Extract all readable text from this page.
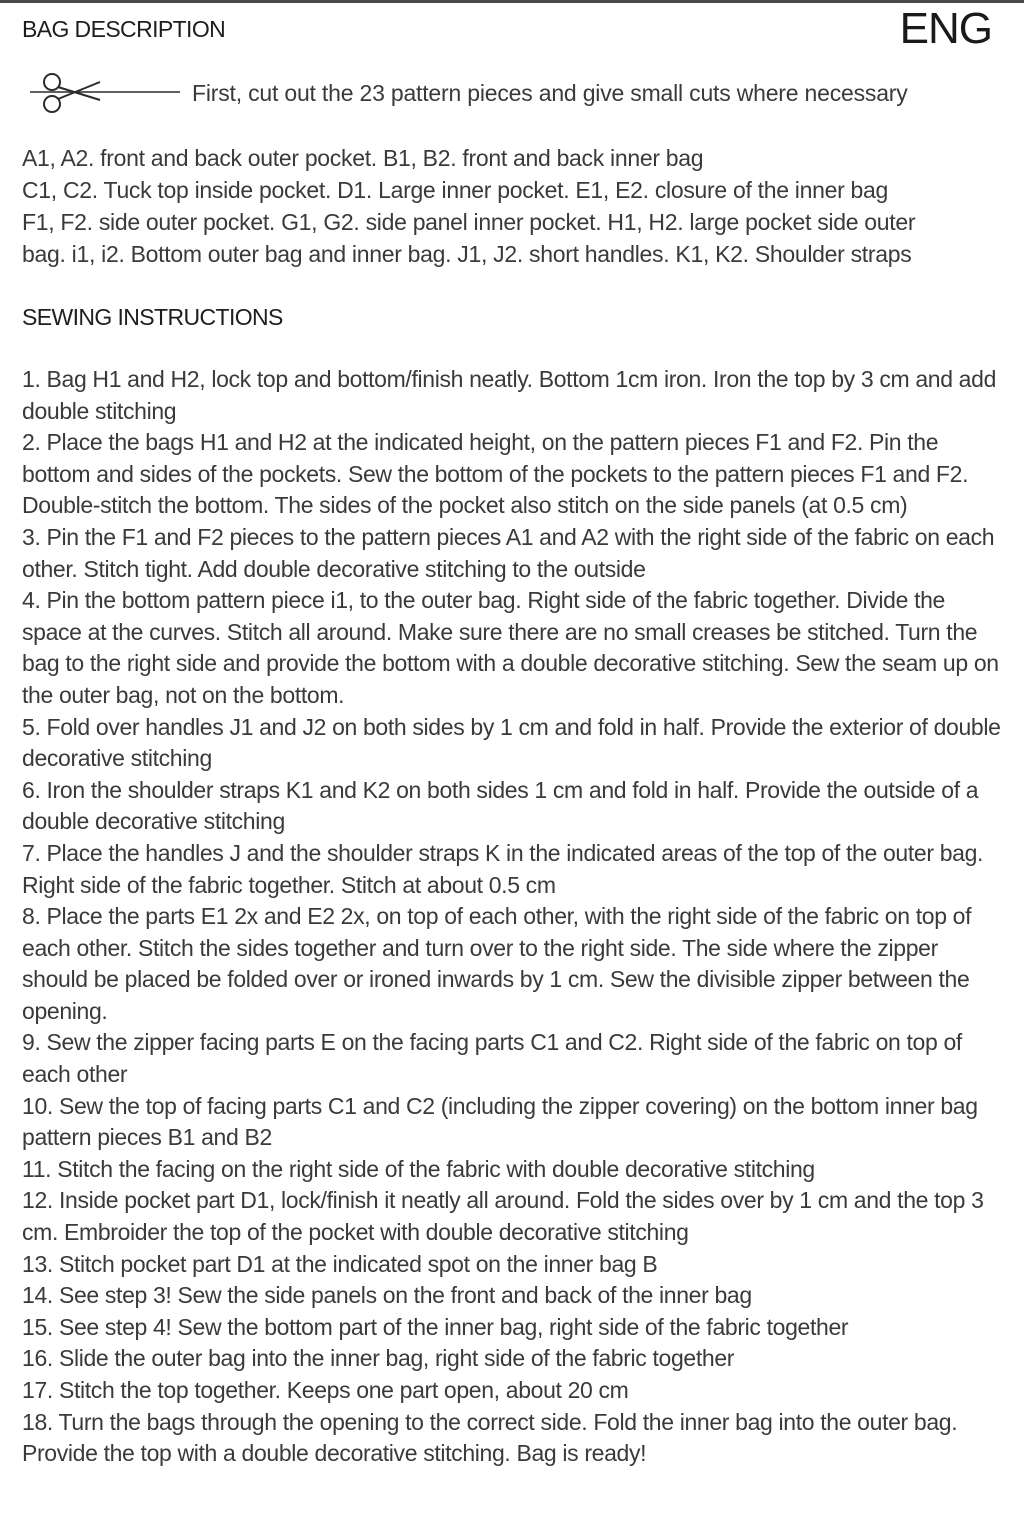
BAG DESCRIPTION	ENG
First, cut out the 23 pattern pieces and give small cuts where necessary
A1, A2. front and back outer pocket. B1, B2. front and back inner bag
C1, C2. Tuck top inside pocket. D1. Large inner pocket. E1, E2. closure of the inner bag
F1, F2. side outer pocket. G1, G2. side panel inner pocket. H1, H2. large pocket side outer
bag. i1, i2. Bottom outer bag and inner bag. J1, J2. short handles. K1, K2. Shoulder straps
SEWING INSTRUCTIONS

1. Bag H1 and H2, lock top and bottom/finish neatly. Bottom 1cm iron. Iron the top by 3 cm and add double stitching

2. Place the bags H1 and H2 at the indicated height, on the pattern pieces F1 and F2. Pin the bottom and sides of the pockets. Sew the bottom of the pockets to the pattern pieces F1 and F2. Double-stitch the bottom. The sides of the pocket also stitch on the side panels (at 0.5 cm)

3. Pin the F1 and F2 pieces to the pattern pieces A1 and A2 with the right side of the fabric on each other. Stitch tight. Add double decorative stitching to the outside

4. Pin the bottom pattern piece i1, to the outer bag. Right side of the fabric together. Divide the space at the curves. Stitch all around. Make sure there are no small creases be stitched. Turn the bag to the right side and provide the bottom with a double decorative stitching. Sew the seam up on the outer bag, not on the bottom.

5. Fold over handles J1 and J2 on both sides by 1 cm and fold in half. Provide the exterior of double decorative stitching

6. Iron the shoulder straps K1 and K2 on both sides 1 cm and fold in half. Provide the outside of a double decorative stitching

7. Place the handles J and the shoulder straps K in the indicated areas of the top of the outer bag. Right side of the fabric together. Stitch at about 0.5 cm

8. Place the parts E1 2x and E2 2x, on top of each other, with the right side of the fabric on top of each other. Stitch the sides together and turn over to the right side. The side where the zipper should be placed be folded over or ironed inwards by 1 cm. Sew the divisible zipper between the opening.

9. Sew the zipper facing parts E on the facing parts C1 and C2. Right side of the fabric on top of each other

10. Sew the top of facing parts C1 and C2 (including the zipper covering) on the bottom inner bag pattern pieces B1 and B2

11. Stitch the facing on the right side of the fabric with double decorative stitching

12. Inside pocket part D1, lock/finish it neatly all around. Fold the sides over by 1 cm and the top 3 cm. Embroider the top of the pocket with double decorative stitching

13. Stitch pocket part D1 at the indicated spot on the inner bag B

14. See step 3! Sew the side panels on the front and back of the inner bag

15. See step 4! Sew the bottom part of the inner bag, right side of the fabric together

16. Slide the outer bag into the inner bag, right side of the fabric together

17. Stitch the top together. Keeps one part open, about 20 cm

18. Turn the bags through the opening to the correct side. Fold the inner bag into the outer bag. Provide the top with a double decorative stitching. Bag is ready!
